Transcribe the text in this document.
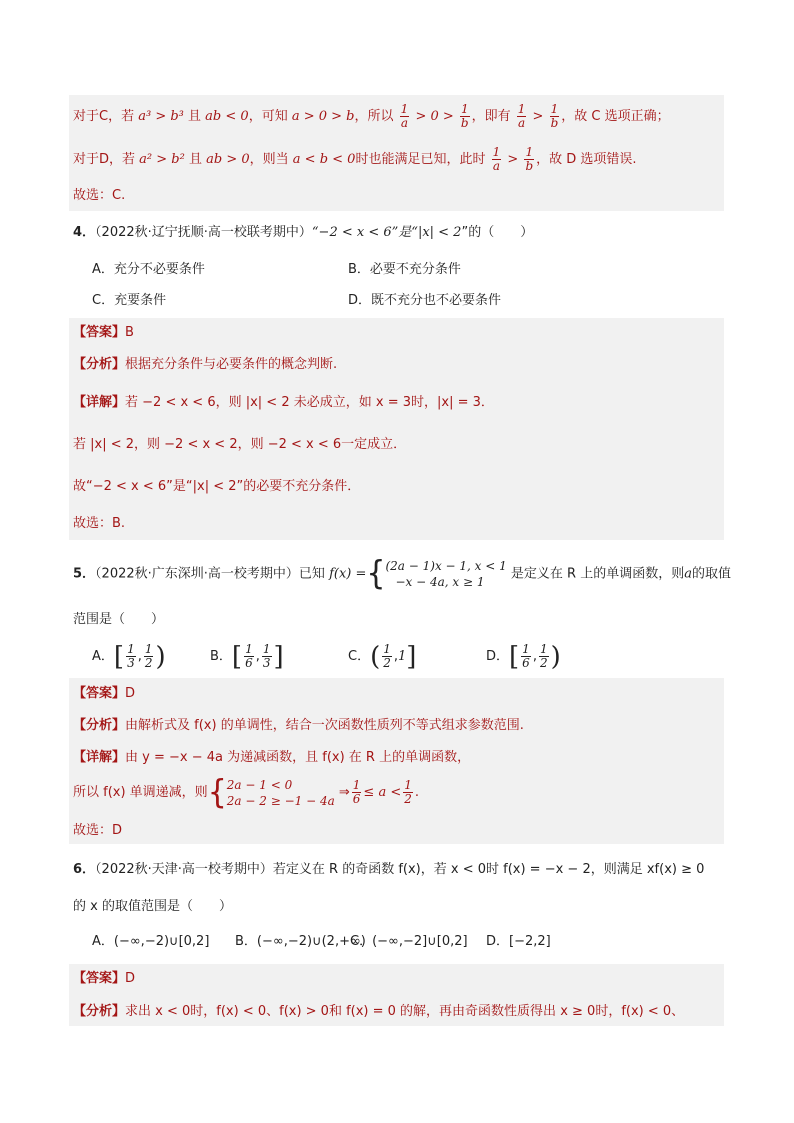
对于C，若 a³ > b³ 且 ab < 0，可知 a > 0 > b，所以 $\frac{1}{a} > 0 > \frac{1}{b}$ ，即有 $\frac{1}{a} > \frac{1}{b}$ ，故 C 选项正确；
对于D，若 a² > b² 且 ab > 0，则当 a < b < 0时也能满足已知，此时 $\frac{1}{a} > \frac{1}{b}$ ，故 D 选项错误.
故选：C.
4．（2022秋·辽宁抚顺·高一校联考期中）“−2 < x < 6”是“|x| < 2”的（　　）
A．充分不必要条件	B．必要不充分条件
C．充要条件	D．既不充分也不必要条件
【答案】B
【分析】根据充分条件与必要条件的概念判断.
【详解】若 −2 < x < 6，则 |x| < 2 未必成立，如 x = 3时，|x| = 3．
若 |x| < 2，则 −2 < x < 2，则 −2 < x < 6一定成立．
故“−2 < x < 6”是“|x| < 2”的必要不充分条件．
故选：B.
5．（2022秋·广东深圳·高一校考期中）已知 f(x) ={ (2a − 1)x − 1, x < 1
−x − 4a, x ≥ 1
是定义在 R 上的单调函数，则a的取值
范围是（　　）
A．[ $\frac{1}{3}$ , $\frac{1}{2}$ )	B．[ $\frac{1}{6}$ , $\frac{1}{3}$ ]	C．( $\frac{1}{2} ,1$]	D．[ $\frac{1}{6}$ , $\frac{1}{2}$ )
【答案】D
【分析】由解析式及 f(x) 的单调性，结合一次函数性质列不等式组求参数范围.
【详解】由 y = −x − 4a 为递减函数，且 f(x) 在 R 上的单调函数，
所以 f(x) 单调递减，则{ 2a − 1 < 0
2a − 2 ≥ −1 − 4a
⇒ $\frac{1}{6} \le a < \frac{1}{2}$ .
故选：D
6．（2022秋·天津·高一校考期中）若定义在 R 的奇函数 f(x)，若 x < 0时 f(x) = −x − 2，则满足 xf(x) ≥ 0
的 x 的取值范围是（　　）
A．(−∞,−2)∪[0,2] B．(−∞,−2)∪(2,+∞)
C．(−∞,−2]∪[0,2] D．[−2,2]
【答案】D
【分析】求出 x < 0时，f(x) < 0、f(x) > 0和 f(x) = 0 的解，再由奇函数性质得出 x ≥ 0时，f(x) < 0、
